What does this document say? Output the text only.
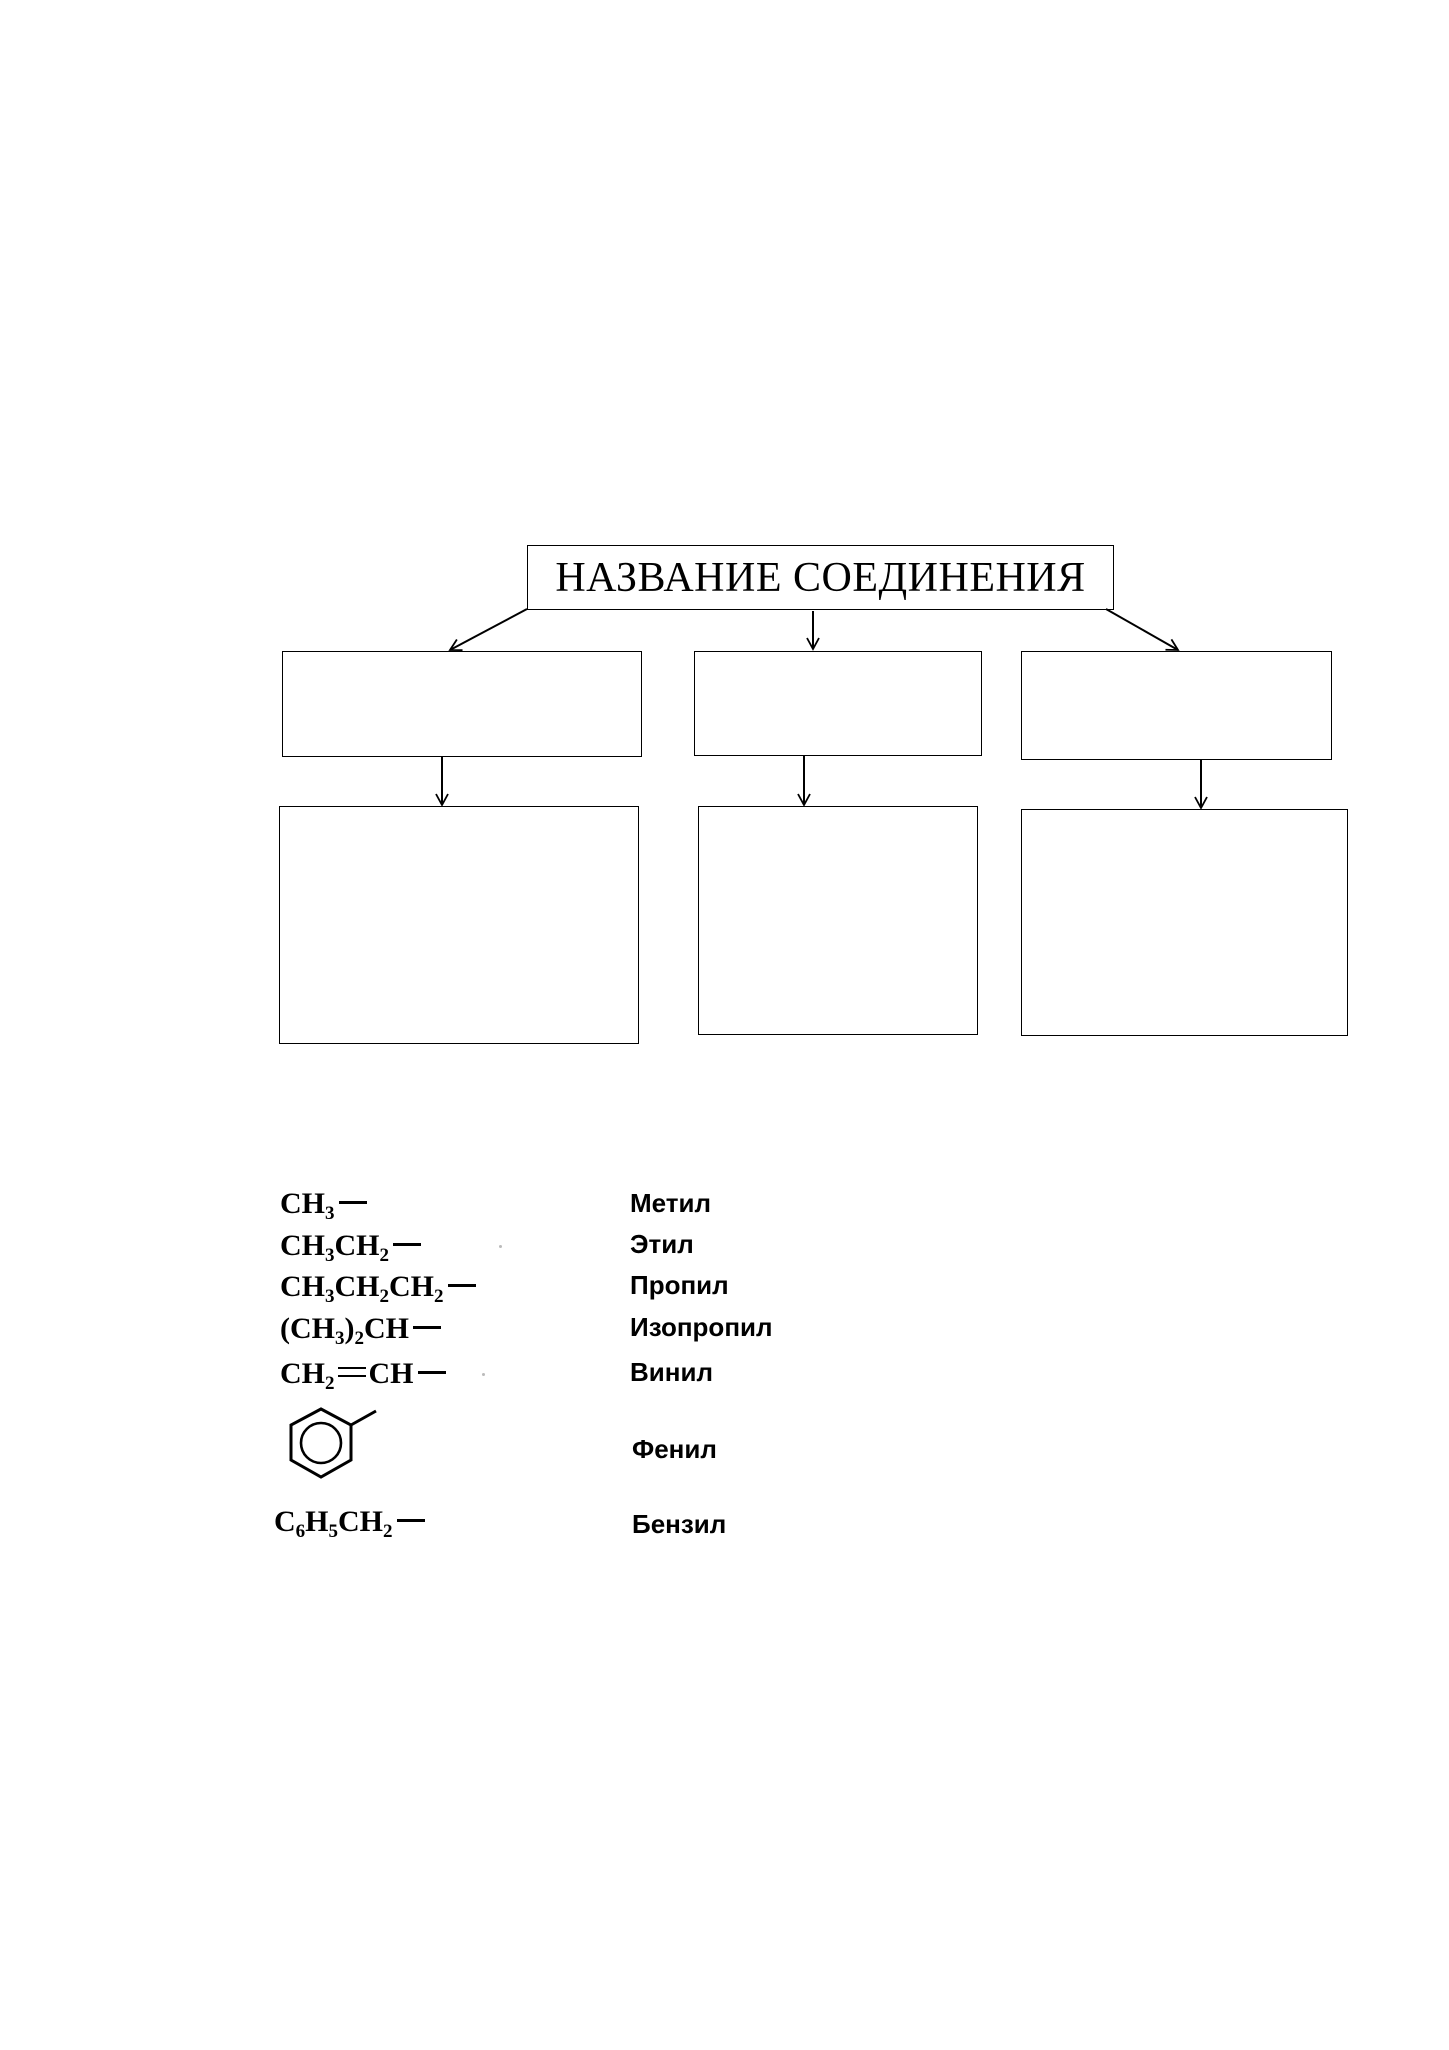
НАЗВАНИЕ СОЕДИНЕНИЯ
$CH_3$
$CH_3CH_2$
$CH_3CH_2CH_2$
$(CH_3)_2CH$
$CH_2$ CH
$C_6H_5CH_2$
Метил
Этил
Пропил
Изопропил
Винил
Фенил
Бензил
